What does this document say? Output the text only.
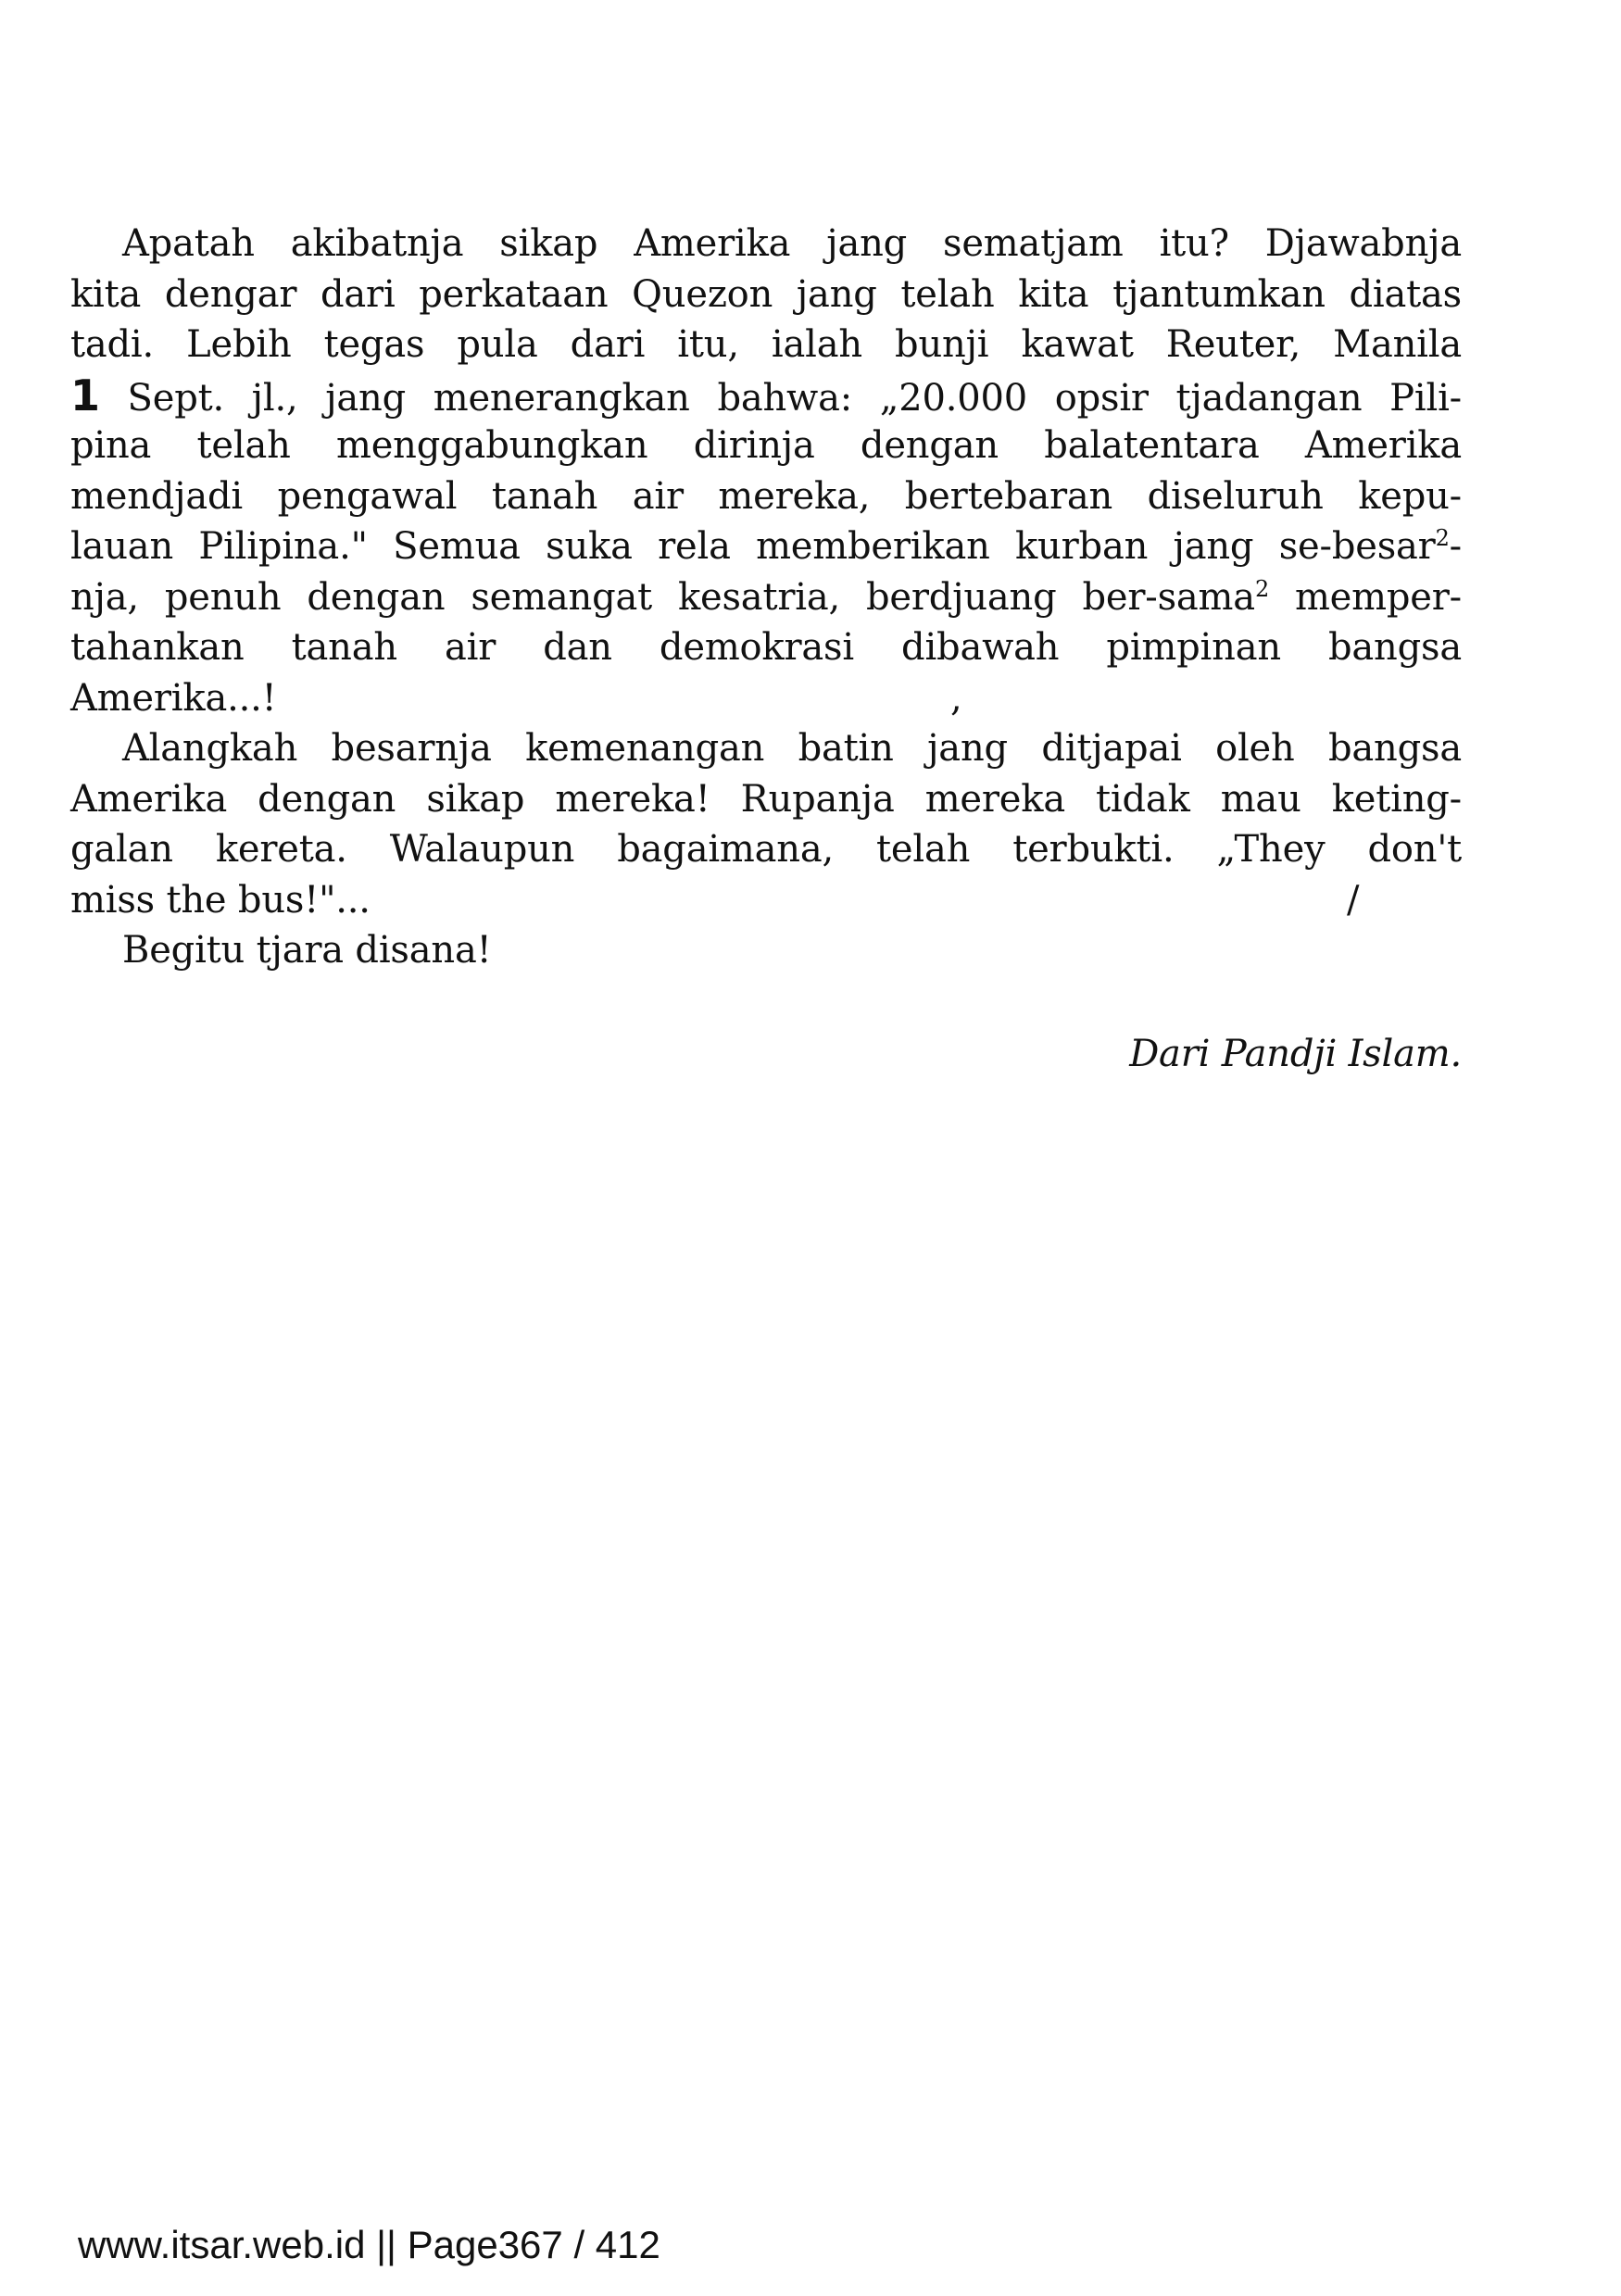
Apatah akibatnja sikap Amerika jang sematjam itu? Djawabnja
kita dengar dari perkataan Quezon jang telah kita tjantumkan diatas
tadi. Lebih tegas pula dari itu, ialah bunji kawat Reuter, Manila
1 Sept. jl., jang menerangkan bahwa: „20.000 opsir tjadangan Pili-
pina telah menggabungkan dirinja dengan balatentara Amerika
mendjadi pengawal tanah air mereka, bertebaran diseluruh kepu-
lauan Pilipina." Semua suka rela memberikan kurban jang se-besar$^2$-
nja, penuh dengan semangat kesatria, berdjuang ber-sama$^2$ memper-
tahankan tanah air dan demokrasi dibawah pimpinan bangsa
Amerika...!	,
Alangkah besarnja kemenangan batin jang ditjapai oleh bangsa
Amerika dengan sikap mereka! Rupanja mereka tidak mau keting-
galan kereta. Walaupun bagaimana, telah terbukti. „They don't
miss the bus!"...	/
Begitu tjara disana!
Dari Pandji Islam.
www.itsar.web.id || Page367 / 412
